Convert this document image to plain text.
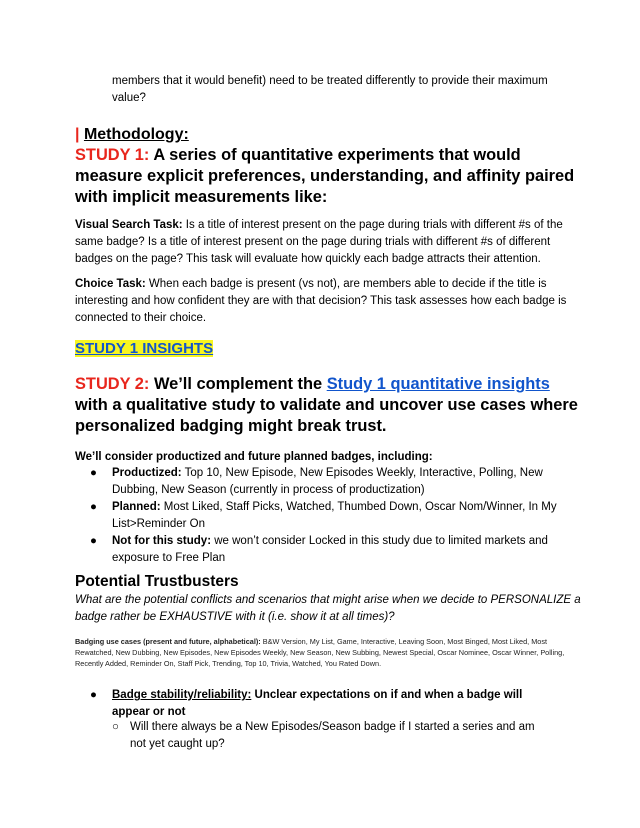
members that it would benefit) need to be treated differently to provide their maximum value?
| Methodology:
STUDY 1: A series of quantitative experiments that would measure explicit preferences, understanding, and affinity paired with implicit measurements like:
Visual Search Task: Is a title of interest present on the page during trials with different #s of the same badge? Is a title of interest present on the page during trials with different #s of different badges on the page? This task will evaluate how quickly each badge attracts their attention.
Choice Task: When each badge is present (vs not), are members able to decide if the title is interesting and how confident they are with that decision? This task assesses how each badge is connected to their choice.
STUDY 1 INSIGHTS
STUDY 2: We’ll complement the Study 1 quantitative insights with a qualitative study to validate and uncover use cases where personalized badging might break trust.
We’ll consider productized and future planned badges, including:
● Productized: Top 10, New Episode, New Episodes Weekly, Interactive, Polling, New Dubbing, New Season (currently in process of productization)
● Planned: Most Liked, Staff Picks, Watched, Thumbed Down, Oscar Nom/Winner, In My List>Reminder On
● Not for this study: we won’t consider Locked in this study due to limited markets and exposure to Free Plan
Potential Trustbusters
What are the potential conflicts and scenarios that might arise when we decide to PERSONALIZE a badge rather be EXHAUSTIVE with it (i.e. show it at all times)?
Badging use cases (present and future, alphabetical): B&W Version, My List, Game, Interactive, Leaving Soon, Most Binged, Most Liked, Most Rewatched, New Dubbing, New Episodes, New Episodes Weekly, New Season, New Subbing, Newest Special, Oscar Nominee, Oscar Winner, Polling, Recently Added, Reminder On, Staff Pick, Trending, Top 10, Trivia, Watched, You Rated Down.
● Badge stability/reliability: Unclear expectations on if and when a badge will appear or not
○ Will there always be a New Episodes/Season badge if I started a series and am not yet caught up?
